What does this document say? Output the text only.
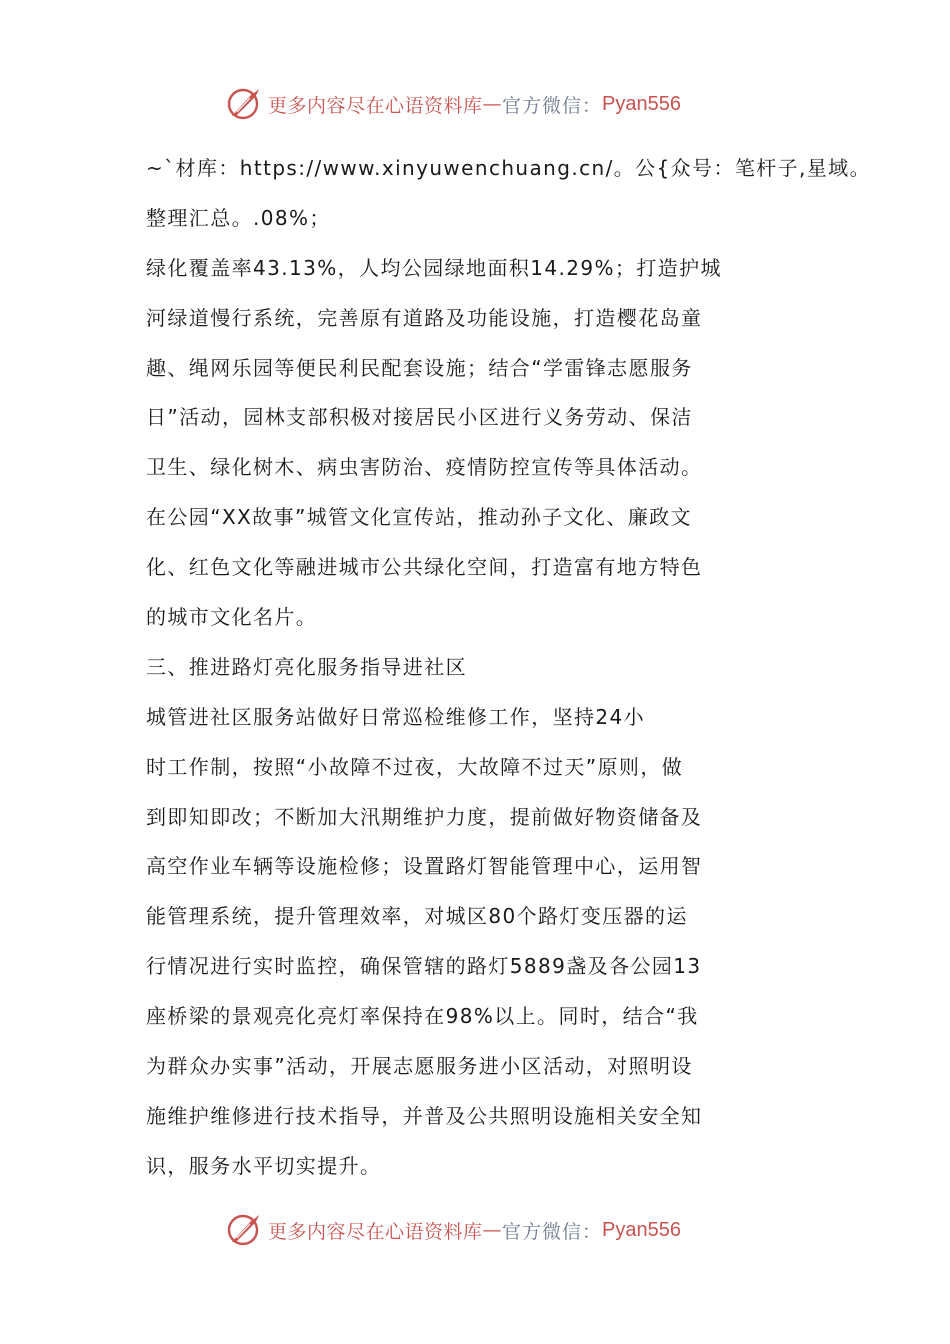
更多内容尽在心语资料库 — 官方微信： Pyan556
~`材库：https://www.xinyuwenchuang.cn/。公{众号：笔杆子,星域。
整理汇总。.08%；
绿化覆盖率43.13%，人均公园绿地面积14.29%；打造护城
河绿道慢行系统，完善原有道路及功能设施，打造樱花岛童
趣、绳网乐园等便民利民配套设施；结合“学雷锋志愿服务
日”活动，园林支部积极对接居民小区进行义务劳动、保洁
卫生、绿化树木、病虫害防治、疫情防控宣传等具体活动。
在公园“XX故事”城管文化宣传站，推动孙子文化、廉政文
化、红色文化等融进城市公共绿化空间，打造富有地方特色
的城市文化名片。
三、推进路灯亮化服务指导进社区
城管进社区服务站做好日常巡检维修工作，坚持24小
时工作制，按照“小故障不过夜，大故障不过天”原则，做
到即知即改；不断加大汛期维护力度，提前做好物资储备及
高空作业车辆等设施检修；设置路灯智能管理中心，运用智
能管理系统，提升管理效率，对城区80个路灯变压器的运
行情况进行实时监控，确保管辖的路灯5889盏及各公园13
座桥梁的景观亮化亮灯率保持在98%以上。同时，结合“我
为群众办实事”活动，开展志愿服务进小区活动，对照明设
施维护维修进行技术指导，并普及公共照明设施相关安全知
识，服务水平切实提升。
更多内容尽在心语资料库 — 官方微信： Pyan556
